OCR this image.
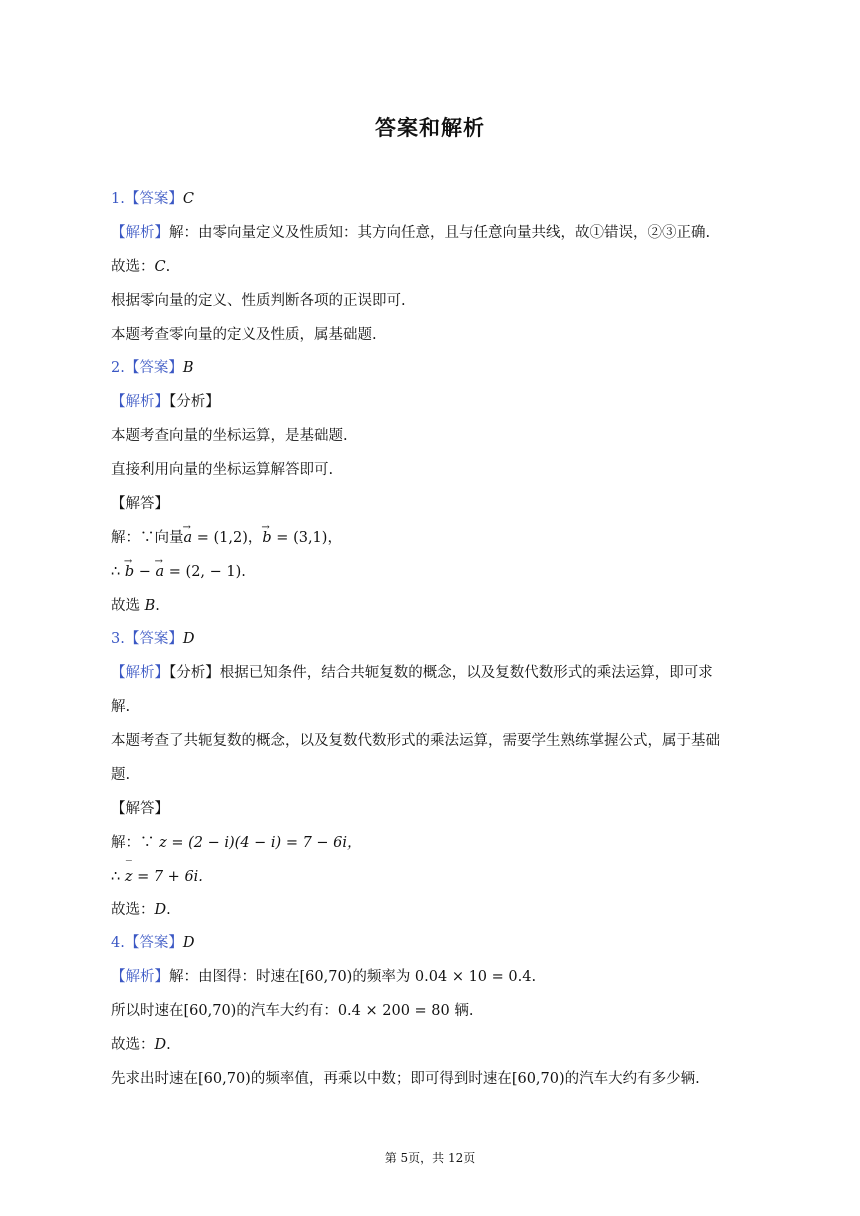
答案和解析
1.【答案】C
【解析】解：由零向量定义及性质知：其方向任意，且与任意向量共线，故①错误，②③正确.
故选：C.
根据零向量的定义、性质判断各项的正误即可.
本题考查零向量的定义及性质，属基础题.
2.【答案】B
【解析】【分析】
本题考查向量的坐标运算，是基础题.
直接利用向量的坐标运算解答即可.
【解答】
解：∵向量→ a = (1,2)，→ b = (3,1)，
∴ → b − → a = (2, − 1).
故选 B.
3.【答案】D
【解析】【分析】根据已知条件，结合共轭复数的概念，以及复数代数形式的乘法运算，即可求
解.
本题考查了共轭复数的概念，以及复数代数形式的乘法运算，需要学生熟练掌握公式，属于基础
题.
【解答】
解：∵ z = (2 − i)(4 − i) = 7 − 6i，
∴ ‾ z = 7 + 6i.
故选：D.
4.【答案】D
【解析】解：由图得：时速在[60,70)的频率为 0.04 × 10 = 0.4.
所以时速在[60,70)的汽车大约有：0.4 × 200 = 80 辆.
故选：D.
先求出时速在[60,70)的频率值，再乘以中数；即可得到时速在[60,70)的汽车大约有多少辆.
第 5页，共 12页
